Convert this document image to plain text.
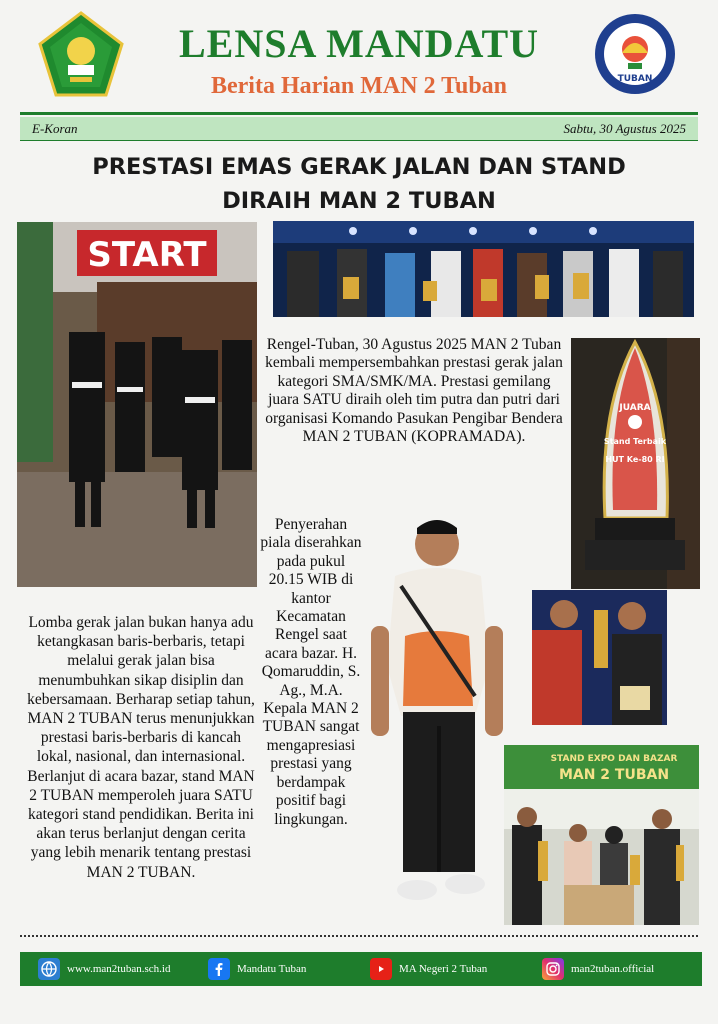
LENSA MANDATU
Berita Harian MAN 2 Tuban	TUBAN
E-Koran	Sabtu, 30 Agustus 2025
PRESTASI EMAS GERAK JALAN DAN STAND
DIRAIH MAN 2 TUBAN
START
JUARA
Stand Terbaik
HUT Ke-80 RI
STAND EXPO DAN BAZAR
MAN 2 TUBAN
Rengel-Tuban, 30 Agustus 2025 MAN 2 Tuban kembali mempersembahkan prestasi gerak jalan kategori SMA/SMK/MA. Prestasi gemilang juara SATU diraih oleh tim putra dan putri dari organisasi Komando Pasukan Pengibar Bendera MAN 2 TUBAN (KOPRAMADA).
Penyerahan piala diserahkan pada pukul 20.15 WIB di kantor Kecamatan Rengel saat acara bazar. H. Qomaruddin, S. Ag., M.A. Kepala MAN 2 TUBAN sangat mengapresiasi prestasi yang berdampak positif bagi lingkungan.
Lomba gerak jalan bukan hanya adu ketangkasan baris-berbaris, tetapi melalui gerak jalan bisa menumbuhkan sikap disiplin dan kebersamaan. Berharap setiap tahun, MAN 2 TUBAN terus menunjukkan prestasi baris-berbaris di kancah lokal, nasional, dan internasional. Berlanjut di acara bazar, stand MAN 2 TUBAN memperoleh juara SATU kategori stand pendidikan. Berita ini akan terus berlanjut dengan cerita yang lebih menarik tentang prestasi MAN 2 TUBAN.
www.man2tuban.sch.id	Mandatu Tuban	MA Negeri 2 Tuban	man2tuban.official
